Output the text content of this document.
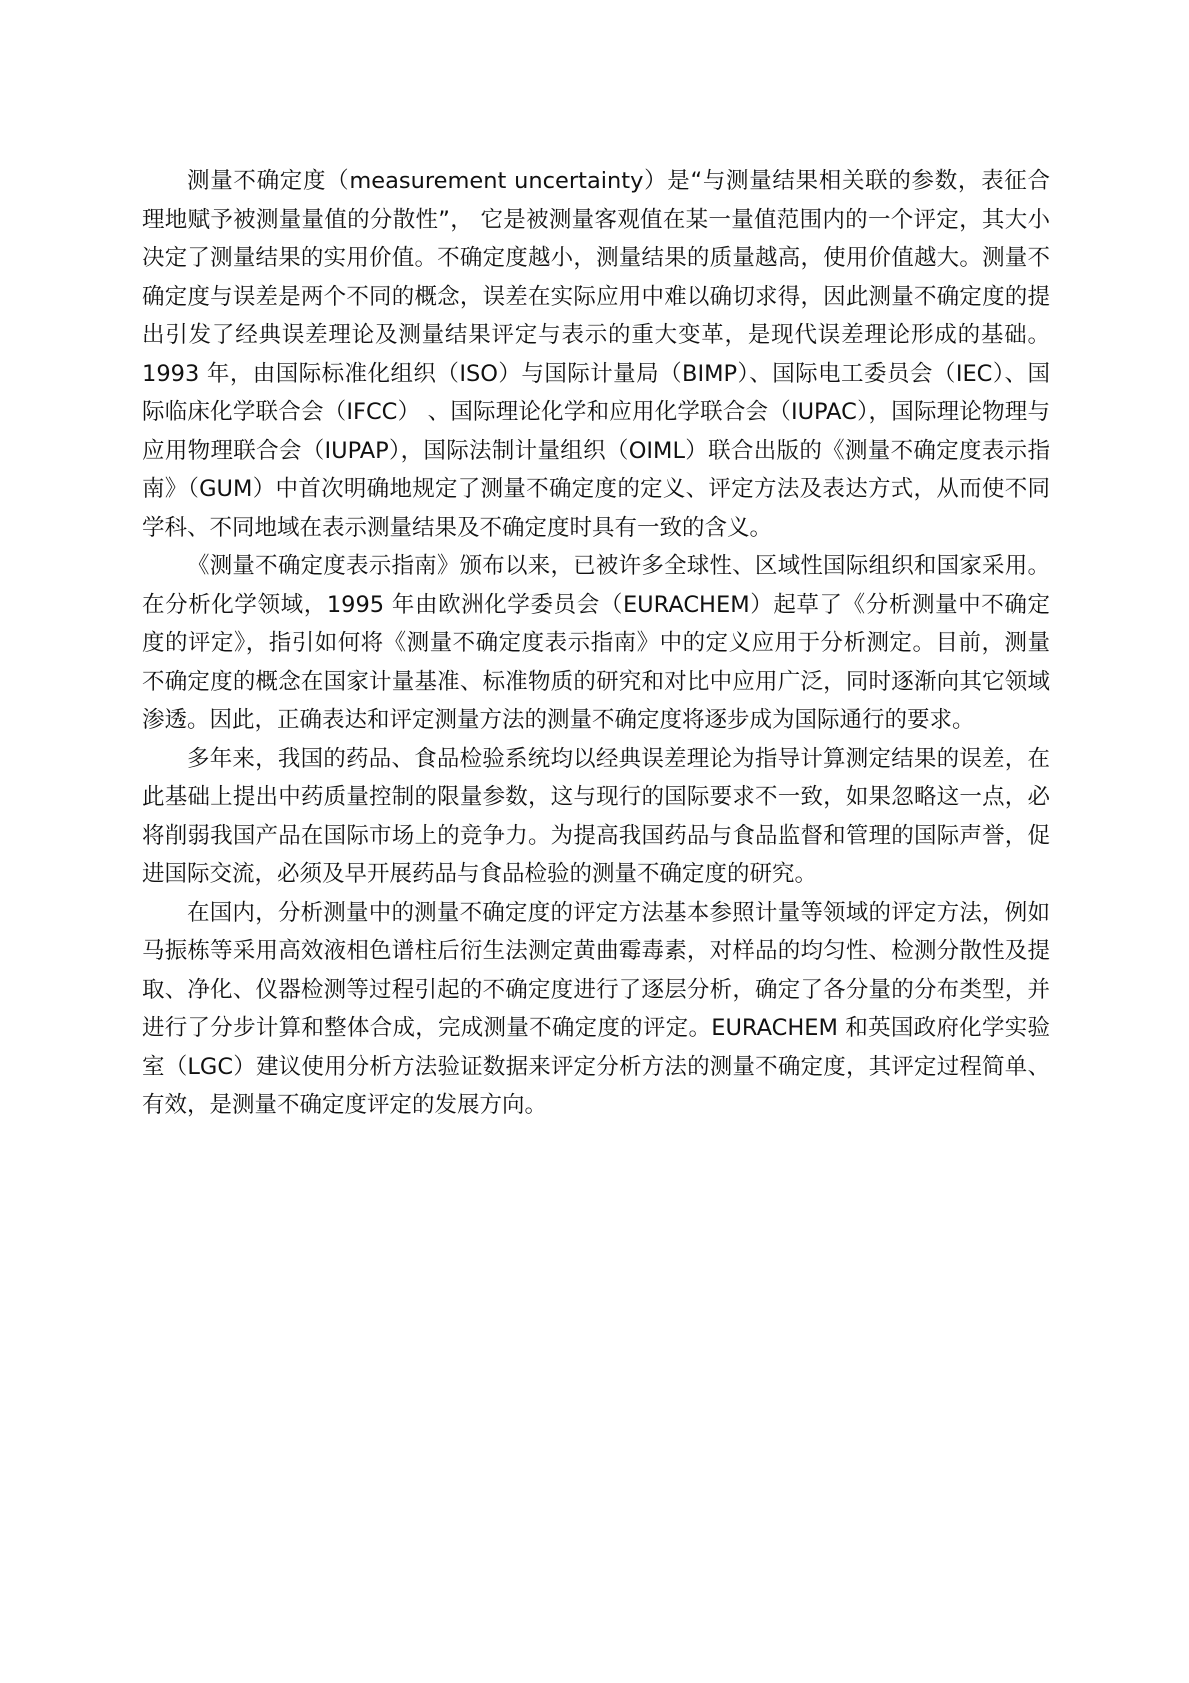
测量不确定度（measurement uncertainty）是“与测量结果相关联的参数，表征合理地赋予被测量量值的分散性”， 它是被测量客观值在某一量值范围内的一个评定，其大小决定了测量结果的实用价值。不确定度越小，测量结果的质量越高，使用价值越大。测量不确定度与误差是两个不同的概念，误差在实际应用中难以确切求得，因此测量不确定度的提出引发了经典误差理论及测量结果评定与表示的重大变革，是现代误差理论形成的基础。1993 年，由国际标准化组织（ISO）与国际计量局（BIMP）、国际电工委员会（IEC）、国际临床化学联合会（IFCC） 、国际理论化学和应用化学联合会（IUPAC），国际理论物理与应用物理联合会（IUPAP），国际法制计量组织（OIML）联合出版的《测量不确定度表示指南》（GUM）中首次明确地规定了测量不确定度的定义、评定方法及表达方式，从而使不同学科、不同地域在表示测量结果及不确定度时具有一致的含义。

《测量不确定度表示指南》颁布以来，已被许多全球性、区域性国际组织和国家采用。在分析化学领域，1995 年由欧洲化学委员会（EURACHEM）起草了《分析测量中不确定度的评定》，指引如何将《测量不确定度表示指南》中的定义应用于分析测定。目前，测量不确定度的概念在国家计量基准、标准物质的研究和对比中应用广泛，同时逐渐向其它领域渗透。因此，正确表达和评定测量方法的测量不确定度将逐步成为国际通行的要求。

多年来，我国的药品、食品检验系统均以经典误差理论为指导计算测定结果的误差，在此基础上提出中药质量控制的限量参数，这与现行的国际要求不一致，如果忽略这一点，必将削弱我国产品在国际市场上的竞争力。为提高我国药品与食品监督和管理的国际声誉，促进国际交流，必须及早开展药品与食品检验的测量不确定度的研究。

在国内，分析测量中的测量不确定度的评定方法基本参照计量等领域的评定方法，例如马振栋等采用高效液相色谱柱后衍生法测定黄曲霉毒素，对样品的均匀性、检测分散性及提取、净化、仪器检测等过程引起的不确定度进行了逐层分析，确定了各分量的分布类型，并进行了分步计算和整体合成，完成测量不确定度的评定。EURACHEM 和英国政府化学实验室（LGC）建议使用分析方法验证数据来评定分析方法的测量不确定度，其评定过程简单、有效，是测量不确定度评定的发展方向。
